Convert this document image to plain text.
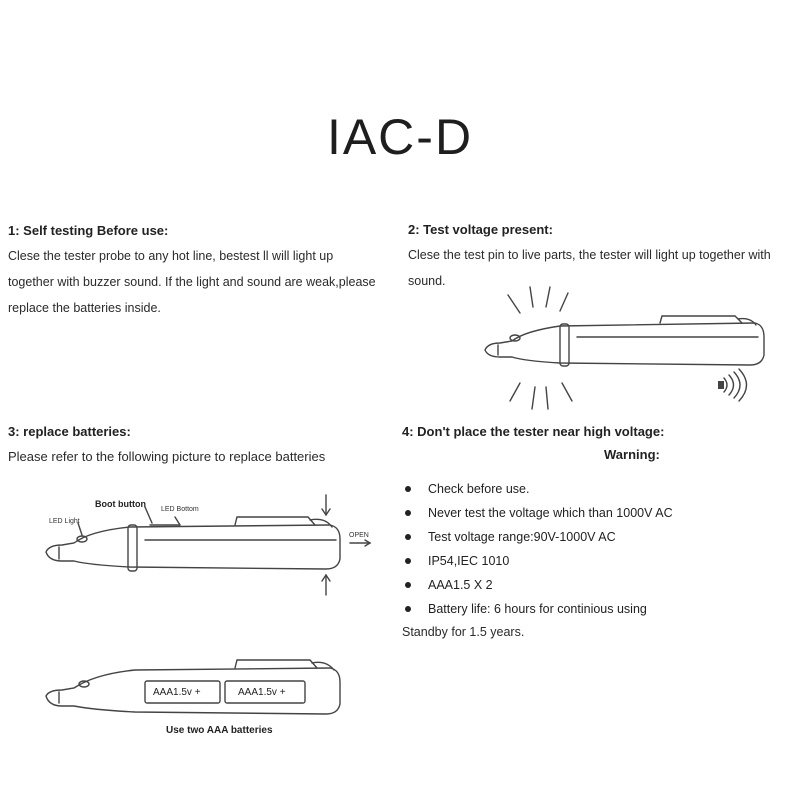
IAC-D
1: Self testing Before use:
Clese the tester probe to any hot line, bestest ll will light up
together with buzzer sound. If the light and sound are weak,please
replace the batteries inside.
2: Test voltage present:
Clese the test pin to live parts, the tester will light up together with
sound.
3: replace batteries:
Please refer to the following picture to replace batteries
Boot button
LED Bottom
LED Light
OPEN
AAA1.5v +	AAA1.5v +
Use two AAA batteries
4: Don't place the tester near high voltage:
Warning:
Check before use.
Never test the voltage which than 1000V AC
Test voltage range:90V-1000V AC
IP54,IEC 1010
AAA1.5 X 2
Battery life: 6 hours for continious using
Standby for 1.5 years.
